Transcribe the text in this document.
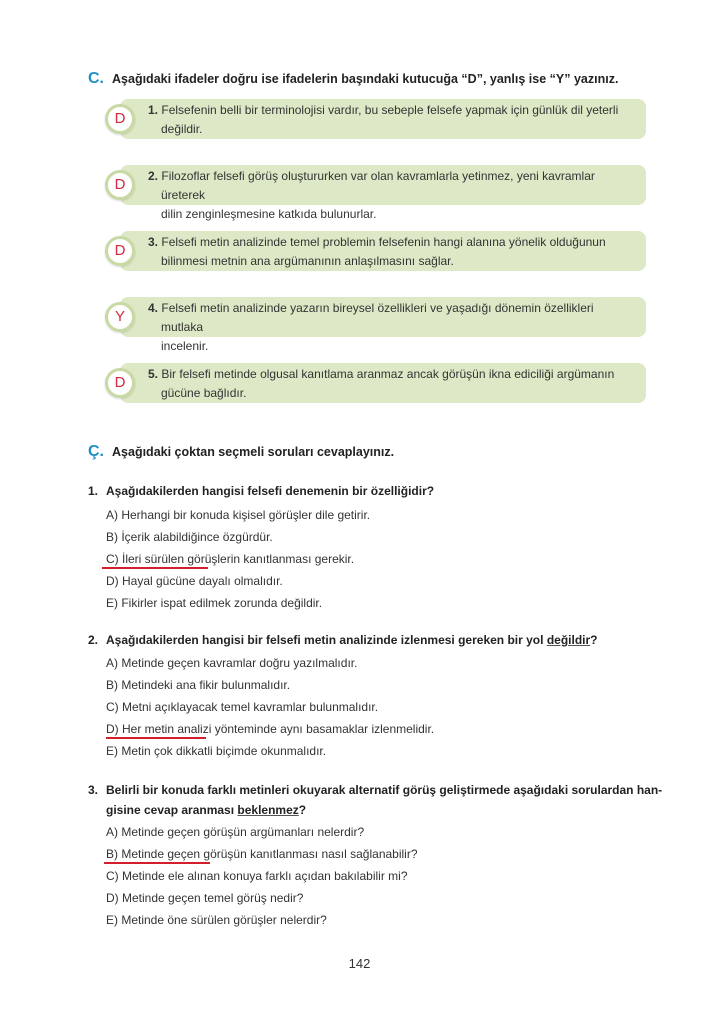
C. Aşağıdaki ifadeler doğru ise ifadelerin başındaki kutucuğa “D”, yanlış ise “Y” yazınız.
D	1. Felsefenin belli bir terminolojisi vardır, bu sebeple felsefe yapmak için günlük dil yeterli
değildir.
D	2. Filozoflar felsefi görüş oluştururken var olan kavramlarla yetinmez, yeni kavramlar üreterek
dilin zenginleşmesine katkıda bulunurlar.
D	3. Felsefi metin analizinde temel problemin felsefenin hangi alanına yönelik olduğunun
bilinmesi metnin ana argümanının anlaşılmasını sağlar.
Y	4. Felsefi metin analizinde yazarın bireysel özellikleri ve yaşadığı dönemin özellikleri mutlaka
incelenir.
D	5. Bir felsefi metinde olgusal kanıtlama aranmaz ancak görüşün ikna ediciliği argümanın
gücüne bağlıdır.
Ç. Aşağıdaki çoktan seçmeli soruları cevaplayınız.
1. Aşağıdakilerden hangisi felsefi denemenin bir özelliğidir?
A) Herhangi bir konuda kişisel görüşler dile getirir.
B) İçerik alabildiğince özgürdür.
C) İleri sürülen görüşlerin kanıtlanması gerekir.
D) Hayal gücüne dayalı olmalıdır.
E) Fikirler ispat edilmek zorunda değildir.
2. Aşağıdakilerden hangisi bir felsefi metin analizinde izlenmesi gereken bir yol değildir?
A) Metinde geçen kavramlar doğru yazılmalıdır.
B) Metindeki ana fikir bulunmalıdır.
C) Metni açıklayacak temel kavramlar bulunmalıdır.
D) Her metin analizi yönteminde aynı basamaklar izlenmelidir.
E) Metin çok dikkatli biçimde okunmalıdır.
3. Belirli bir konuda farklı metinleri okuyarak alternatif görüş geliştirmede aşağıdaki sorulardan han-
gisine cevap aranması beklenmez?
A) Metinde geçen görüşün argümanları nelerdir?
B) Metinde geçen görüşün kanıtlanması nasıl sağlanabilir?
C) Metinde ele alınan konuya farklı açıdan bakılabilir mi?
D) Metinde geçen temel görüş nedir?
E) Metinde öne sürülen görüşler nelerdir?
142
